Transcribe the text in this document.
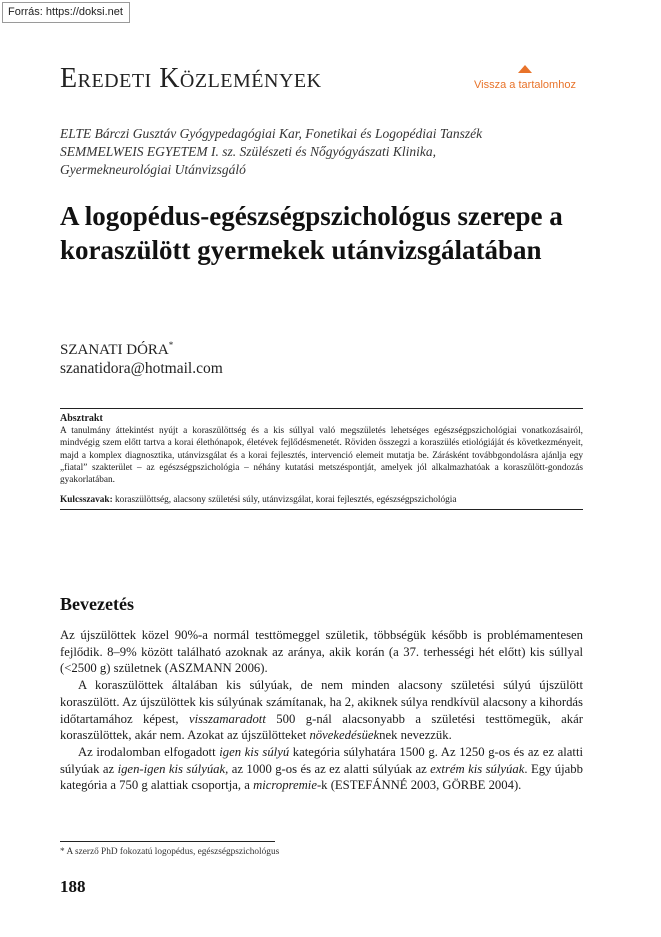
Forrás: https://doksi.net
Eredeti Közlemények	Vissza a tartalomhoz
ELTE Bárczi Gusztáv Gyógypedagógiai Kar, Fonetikai és Logopédiai Tanszék
SEMMELWEIS EGYETEM I. sz. Szülészeti és Nőgyógyászati Klinika,
Gyermekneurológiai Utánvizsgáló
A logopédus-egészségpszichológus szerepe a koraszülött gyermekek utánvizsgálatában
SZANATI DÓRA*
szanatidora@hotmail.com
Absztrakt
A tanulmány áttekintést nyújt a koraszülöttség és a kis súllyal való megszületés lehetséges egészségpszichológiai vonatkozásairól, mindvégig szem előtt tartva a korai élethónapok, életévek fejlődésmenetét. Röviden összegzi a koraszülés etiológiáját és következményeit, majd a komplex diagnosztika, utánvizsgálat és a korai fejlesztés, intervenció elemeit mutatja be. Zárásként továbbgondolásra ajánlja egy „fiatal” szakterület – az egészségpszichológia – néhány kutatási metszéspontját, amelyek jól alkalmazhatóak a koraszülött-gondozás gyakorlatában.
Kulcsszavak: koraszülöttség, alacsony születési súly, utánvizsgálat, korai fejlesztés, egészségpszichológia
Bevezetés

Az újszülöttek közel 90%-a normál testtömeggel születik, többségük később is problémamentesen fejlődik. 8–9% között található azoknak az aránya, akik korán (a 37. terhességi hét előtt) kis súllyal (<2500 g) születnek (ASZMANN 2006).

A koraszülöttek általában kis súlyúak, de nem minden alacsony születési súlyú újszülött koraszülött. Az újszülöttek kis súlyúnak számítanak, ha 2, akiknek súlya rendkívül alacsony a kihordás időtartamához képest, visszamaradott 500 g-nál alacsonyabb a születési testtömegük, akár koraszülöttek, akár nem. Azokat az újszülötteket növekedésüeknek nevezzük.

Az irodalomban elfogadott igen kis súlyú kategória súlyhatára 1500 g. Az 1250 g-os és az ez alatti súlyúak az igen-igen kis súlyúak, az 1000 g-os és az ez alatti súlyúak az extrém kis súlyúak. Egy újabb kategória a 750 g alattiak csoportja, a micropremie-k (ESTEFÁNNÉ 2003, GÖRBE 2004).

* A szerző PhD fokozatú logopédus, egészségpszichológus
188
